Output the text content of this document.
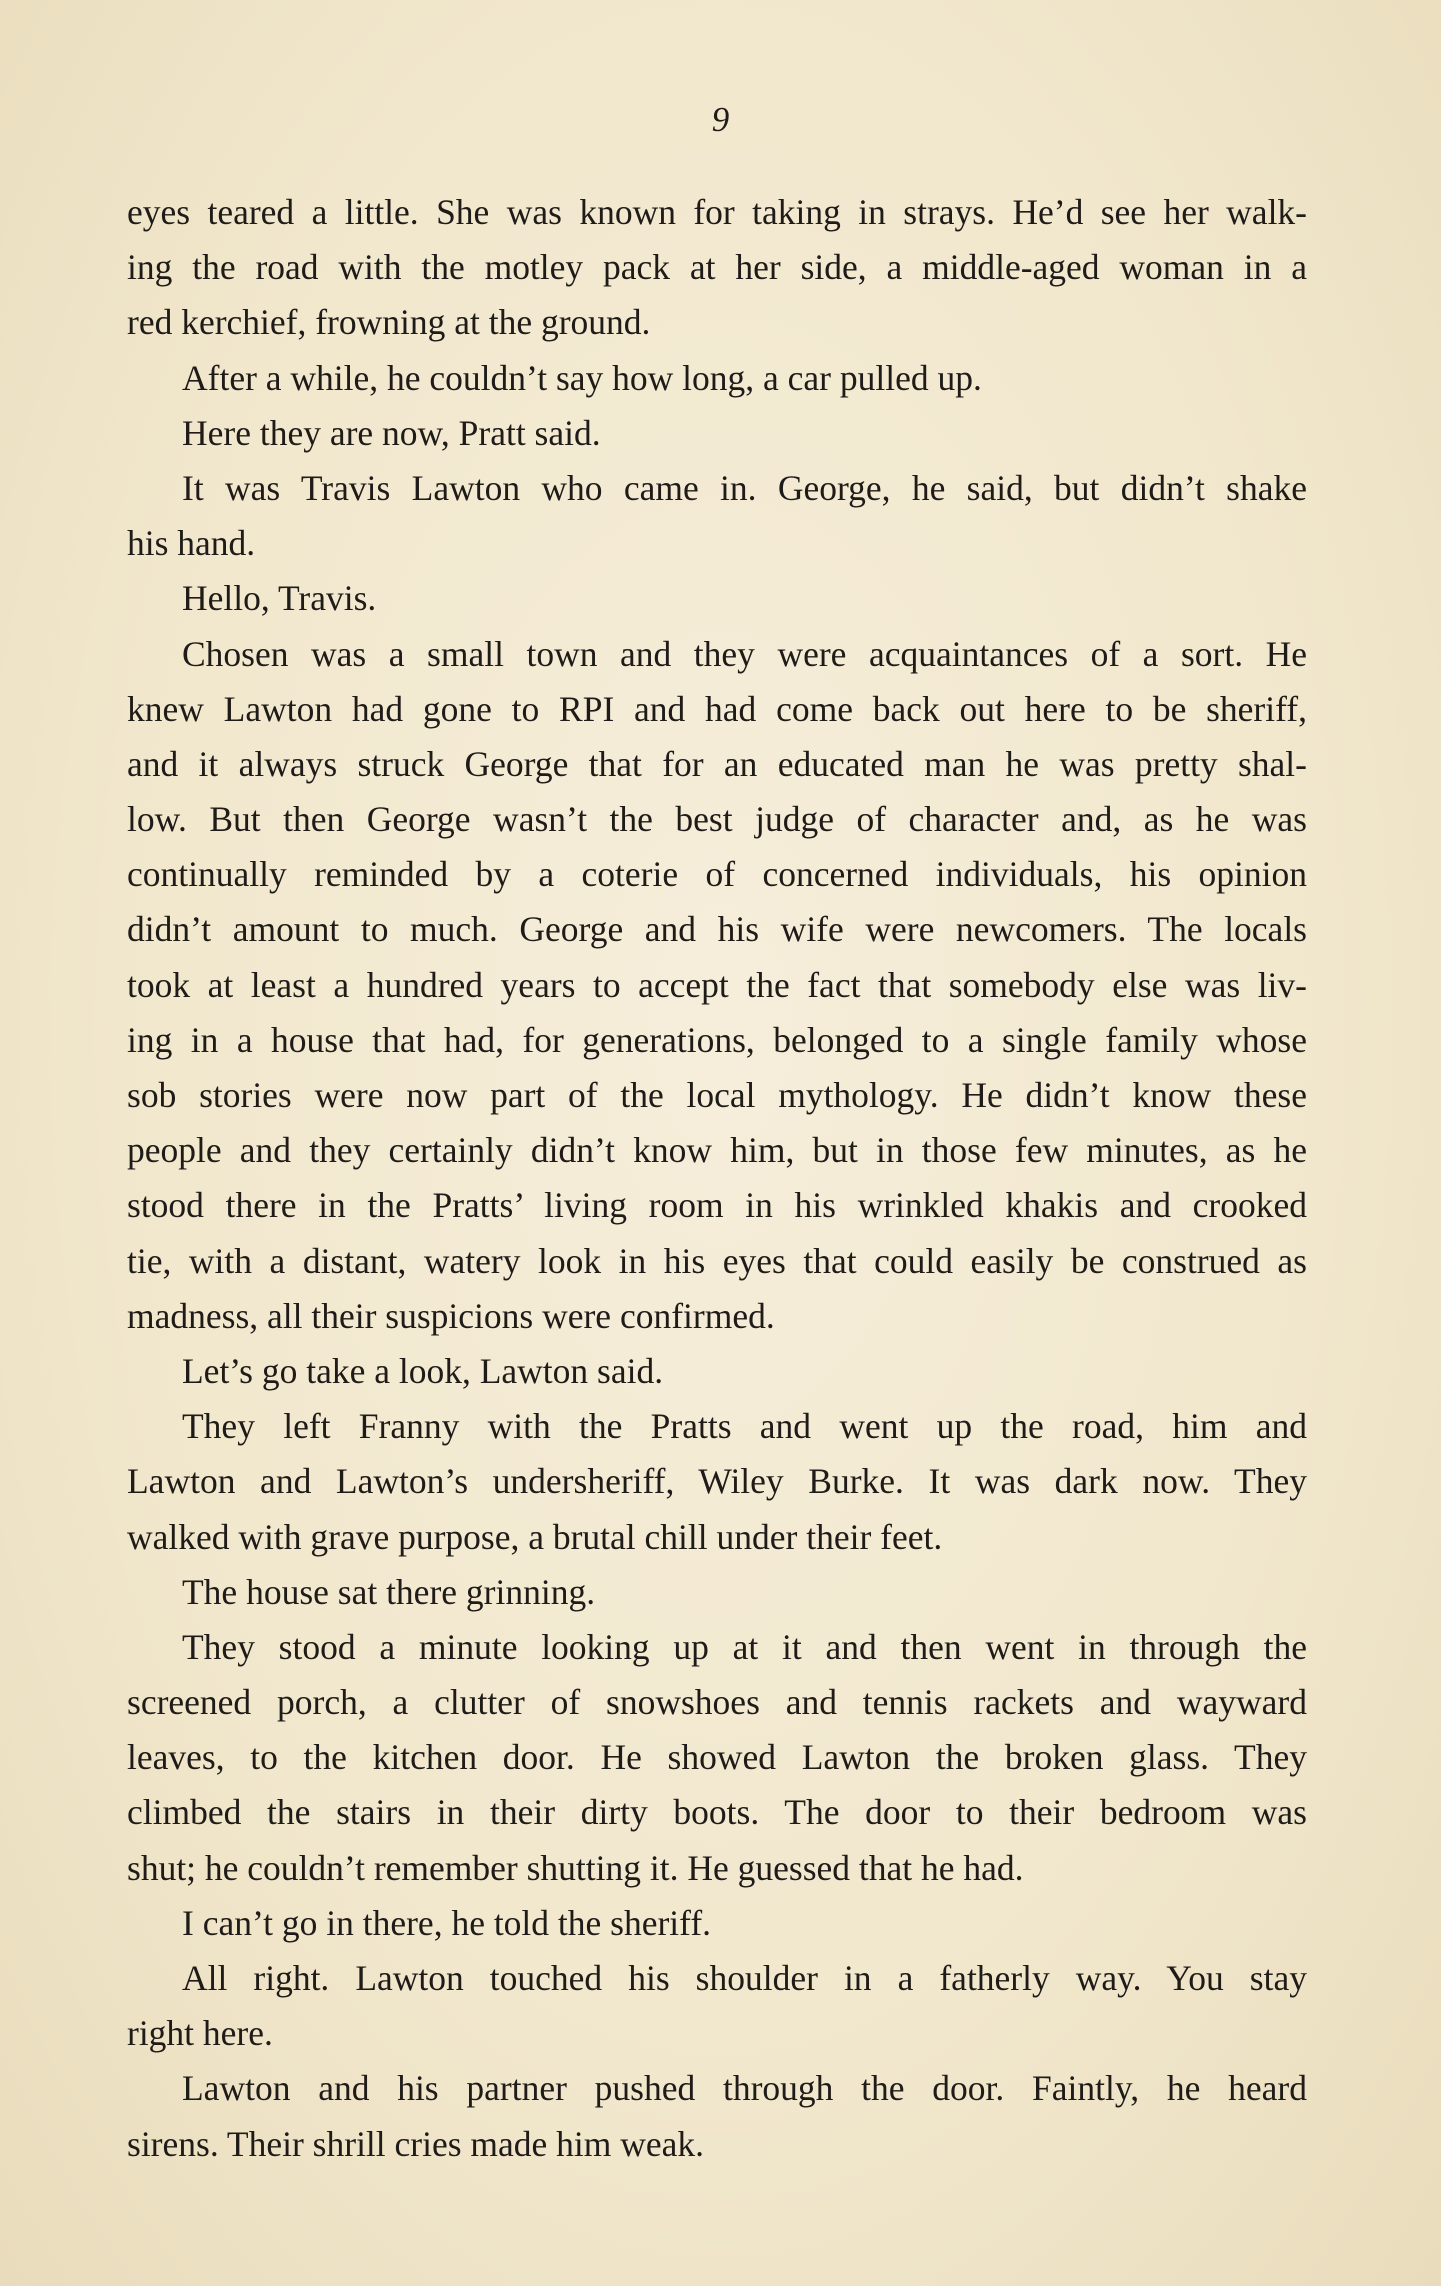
9
eyes teared a little. She was known for taking in strays. He’d see her walk-
ing the road with the motley pack at her side, a middle-aged woman in a
red kerchief, frowning at the ground.
After a while, he couldn’t say how long, a car pulled up.
Here they are now, Pratt said.
It was Travis Lawton who came in. George, he said, but didn’t shake
his hand.
Hello, Travis.
Chosen was a small town and they were acquaintances of a sort. He
knew Lawton had gone to RPI and had come back out here to be sheriff,
and it always struck George that for an educated man he was pretty shal-
low. But then George wasn’t the best judge of character and, as he was
continually reminded by a coterie of concerned individuals, his opinion
didn’t amount to much. George and his wife were newcomers. The locals
took at least a hundred years to accept the fact that somebody else was liv-
ing in a house that had, for generations, belonged to a single family whose
sob stories were now part of the local mythology. He didn’t know these
people and they certainly didn’t know him, but in those few minutes, as he
stood there in the Pratts’ living room in his wrinkled khakis and crooked
tie, with a distant, watery look in his eyes that could easily be construed as
madness, all their suspicions were confirmed.
Let’s go take a look, Lawton said.
They left Franny with the Pratts and went up the road, him and
Lawton and Lawton’s undersheriff, Wiley Burke. It was dark now. They
walked with grave purpose, a brutal chill under their feet.
The house sat there grinning.
They stood a minute looking up at it and then went in through the
screened porch, a clutter of snowshoes and tennis rackets and wayward
leaves, to the kitchen door. He showed Lawton the broken glass. They
climbed the stairs in their dirty boots. The door to their bedroom was
shut; he couldn’t remember shutting it. He guessed that he had.
I can’t go in there, he told the sheriff.
All right. Lawton touched his shoulder in a fatherly way. You stay
right here.
Lawton and his partner pushed through the door. Faintly, he heard
sirens. Their shrill cries made him weak.
